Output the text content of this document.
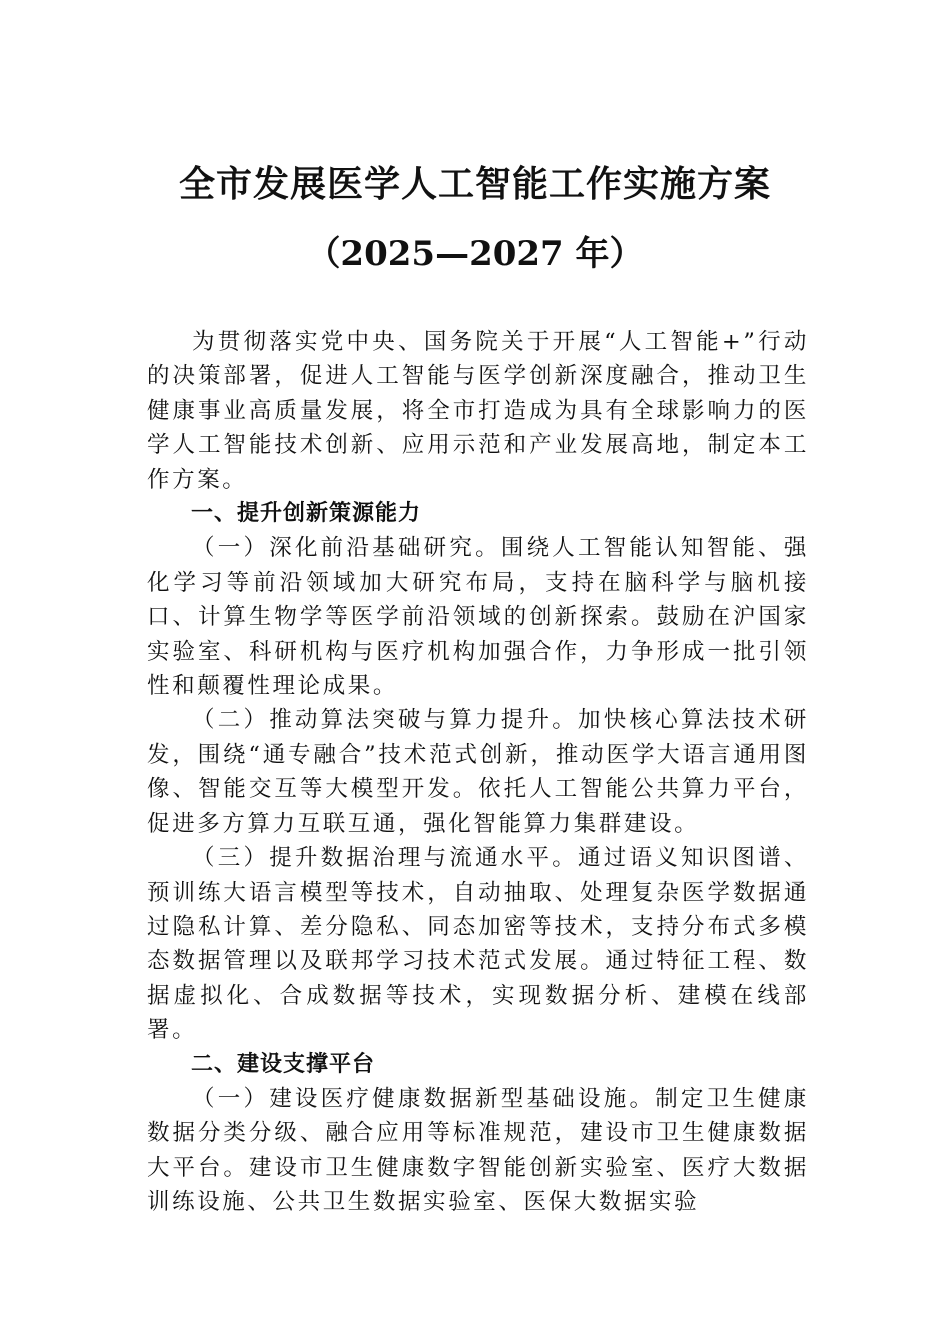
全市发展医学人工智能工作实施方案
（2025—2027 年）

为贯彻落实党中央、国务院关于开展“人工智能+”行动的决策部署，促进人工智能与医学创新深度融合，推动卫生健康事业高质量发展，将全市打造成为具有全球影响力的医学人工智能技术创新、应用示范和产业发展高地，制定本工作方案。

一、提升创新策源能力

（一）深化前沿基础研究。围绕人工智能认知智能、强化学习等前沿领域加大研究布局，支持在脑科学与脑机接口、计算生物学等医学前沿领域的创新探索。鼓励在沪国家实验室、科研机构与医疗机构加强合作，力争形成一批引领性和颠覆性理论成果。

（二）推动算法突破与算力提升。加快核心算法技术研发，围绕“通专融合”技术范式创新，推动医学大语言通用图像、智能交互等大模型开发。依托人工智能公共算力平台，促进多方算力互联互通，强化智能算力集群建设。

（三）提升数据治理与流通水平。通过语义知识图谱、预训练大语言模型等技术，自动抽取、处理复杂医学数据通过隐私计算、差分隐私、同态加密等技术，支持分布式多模态数据管理以及联邦学习技术范式发展。通过特征工程、数据虚拟化、合成数据等技术，实现数据分析、建模在线部署。

二、建设支撑平台

（一）建设医疗健康数据新型基础设施。制定卫生健康数据分类分级、融合应用等标准规范，建设市卫生健康数据大平台。建设市卫生健康数字智能创新实验室、医疗大数据训练设施、公共卫生数据实验室、医保大数据实验
